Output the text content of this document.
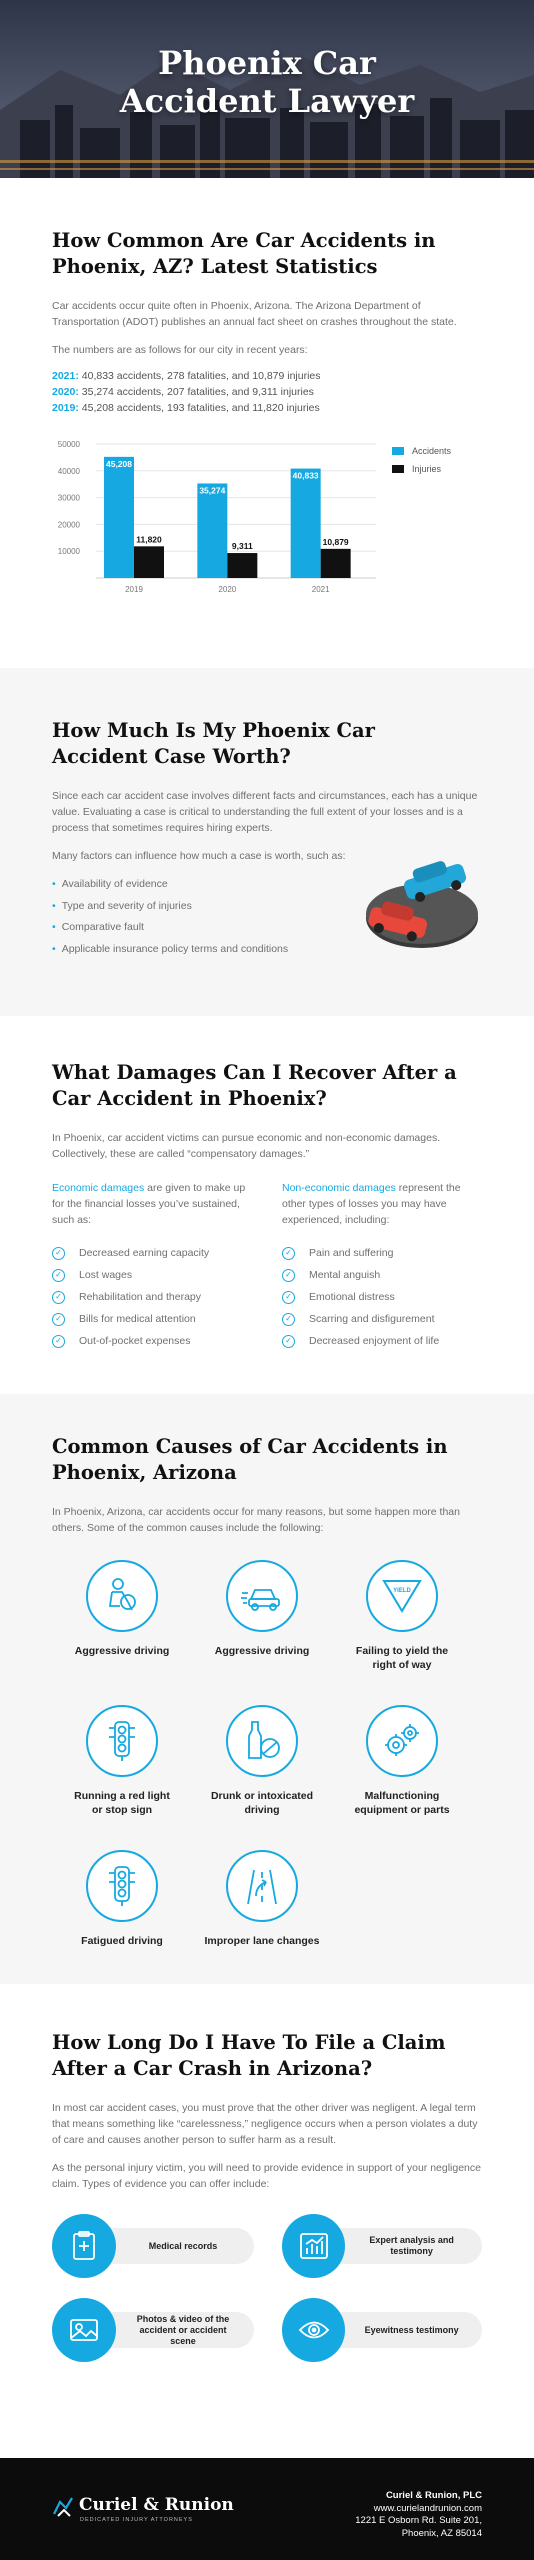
Phoenix Car
Accident Lawyer
How Common Are Car Accidents in Phoenix, AZ? Latest Statistics

Car accidents occur quite often in Phoenix, Arizona. The Arizona Department of Transportation (ADOT) publishes an annual fact sheet on crashes throughout the state.

The numbers are as follows for our city in recent years:

2021: 40,833 accidents, 278 fatalities, and 10,879 injuries
2020: 35,274 accidents, 207 fatalities, and 9,311 injuries
2019: 45,208 accidents, 193 fatalities, and 11,820 injuries
50000
40000
30000
20000
10000
45,208
11,820
2019
35,274
9,311
2020
40,833
10,879
2021
Accidents
Injuries
How Much Is My Phoenix Car Accident Case Worth?

Since each car accident case involves different facts and circumstances, each has a unique value. Evaluating a case is critical to understanding the full extent of your losses and is a process that sometimes requires hiring experts.

Many factors can influence how much a case is worth, such as:

• Availability of evidence
• Type and severity of injuries
• Comparative fault
• Applicable insurance policy terms and conditions
What Damages Can I Recover After a Car Accident in Phoenix?

In Phoenix, car accident victims can pursue economic and non-economic damages. Collectively, these are called “compensatory damages.”

Economic damages are given to make up for the financial losses you’ve sustained, such as:

✓	Decreased earning capacity
✓	Lost wages
✓	Rehabilitation and therapy
✓	Bills for medical attention
✓	Out-of-pocket expenses

Non-economic damages represent the other types of losses you may have experienced, including:

✓	Pain and suffering
✓	Mental anguish
✓	Emotional distress
✓	Scarring and disfigurement
✓	Decreased enjoyment of life
Common Causes of Car Accidents in Phoenix, Arizona

In Phoenix, Arizona, car accidents occur for many reasons, but some happen more than others. Some of the common causes include the following:

Aggressive driving	Aggressive driving

YIELD
Failing to yield the
right of way
Running a red light
or stop sign
Drunk or intoxicated
driving
Malfunctioning
equipment or parts
Fatigued driving	Improper lane changes

How Long Do I Have To File a Claim After a Car Crash in Arizona?

In most car accident cases, you must prove that the other driver was negligent. A legal term that means something like “carelessness,” negligence occurs when a person violates a duty of care and causes another person to suffer harm as a result.

As the personal injury victim, you will need to provide evidence in support of your negligence claim. Types of evidence you can offer include:

Medical records

Expert analysis and
testimony
Photos & video of the
accident or accident scene
Eyewitness testimony

Curiel & Runion
DEDICATED INJURY ATTORNEYS
Curiel & Runion, PLC
www.curielandrunion.com
1221 E Osborn Rd. Suite 201,
Phoenix, AZ 85014
